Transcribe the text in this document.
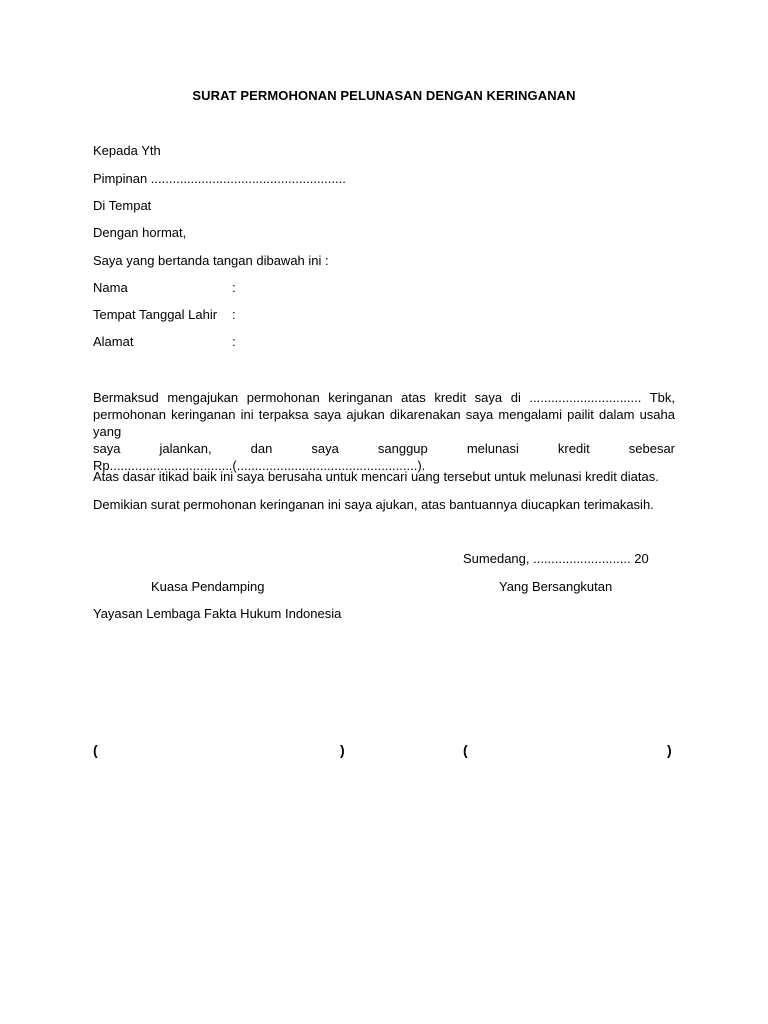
SURAT PERMOHONAN PELUNASAN DENGAN KERINGANAN
Kepada Yth
Pimpinan ......................................................
Di Tempat
Dengan hormat,
Saya yang bertanda tangan dibawah ini :
Nama	:
Tempat Tanggal Lahir :
Alamat	:
Bermaksud mengajukan permohonan keringanan atas kredit saya di ............................... Tbk,
permohonan keringanan ini terpaksa saya ajukan dikarenakan saya mengalami pailit dalam usaha yang
saya jalankan, dan saya sanggup melunasi kredit sebesar
Rp..................................(..................................................).
Atas dasar itikad baik ini saya berusaha untuk mencari uang tersebut untuk melunasi kredit diatas.
Demikian surat permohonan keringanan ini saya ajukan, atas bantuannya diucapkan terimakasih.
Sumedang, ........................... 20
Kuasa Pendamping	Yang Bersangkutan
Yayasan Lembaga Fakta Hukum Indonesia
(	)	(	)
